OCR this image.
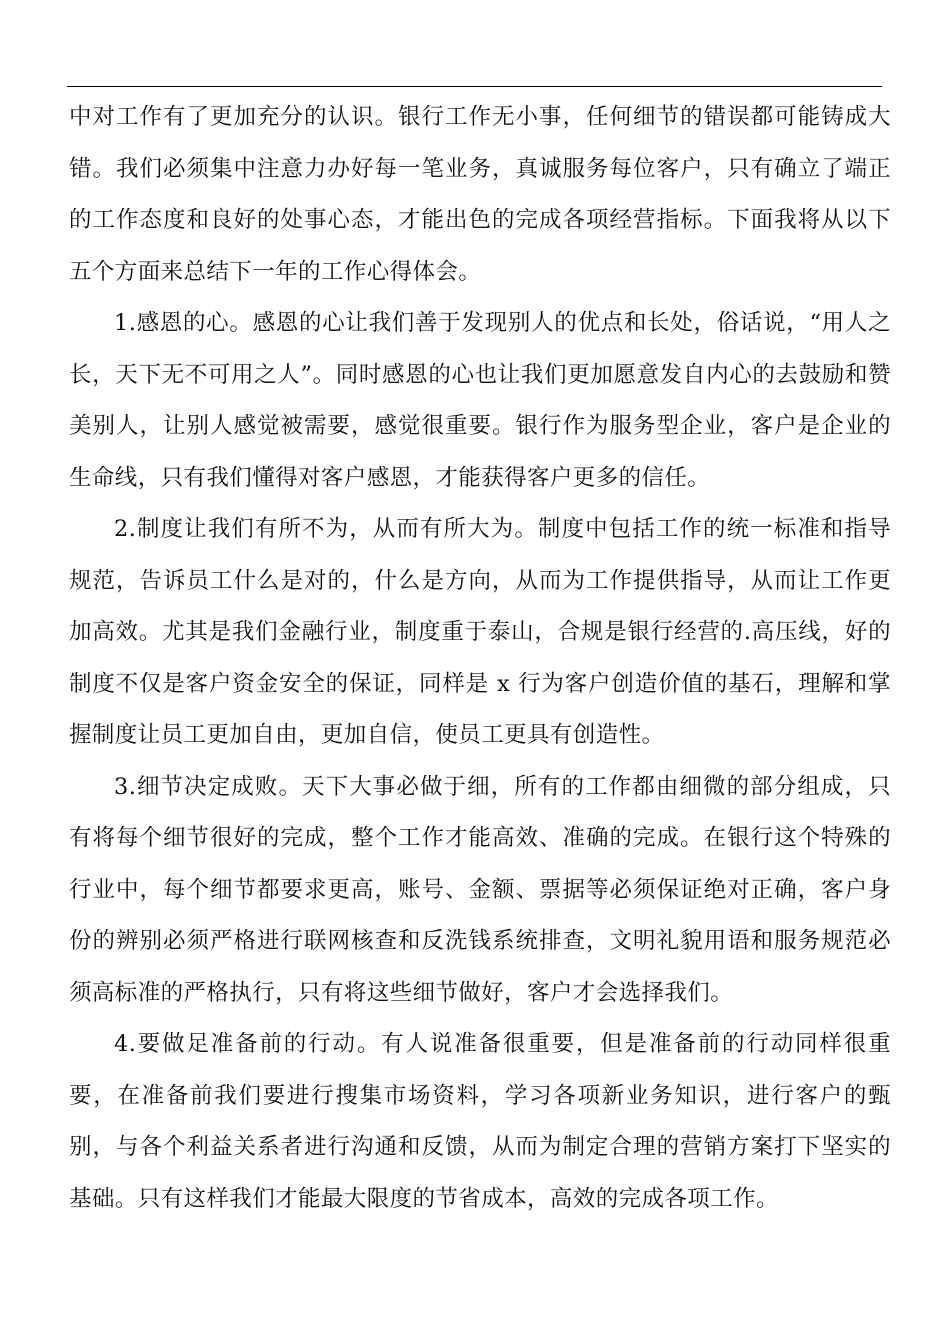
中对工作有了更加充分的认识。银行工作无小事，任何细节的错误都可能铸成大错。我们必须集中注意力办好每一笔业务，真诚服务每位客户，只有确立了端正的工作态度和良好的处事心态，才能出色的完成各项经营指标。下面我将从以下五个方面来总结下一年的工作心得体会。

1.感恩的心。感恩的心让我们善于发现别人的优点和长处，俗话说，“用人之长，天下无不可用之人”。同时感恩的心也让我们更加愿意发自内心的去鼓励和赞美别人，让别人感觉被需要，感觉很重要。银行作为服务型企业，客户是企业的生命线，只有我们懂得对客户感恩，才能获得客户更多的信任。

2.制度让我们有所不为，从而有所大为。制度中包括工作的统一标准和指导规范，告诉员工什么是对的，什么是方向，从而为工作提供指导，从而让工作更加高效。尤其是我们金融行业，制度重于泰山，合规是银行经营的.高压线，好的制度不仅是客户资金安全的保证，同样是 x 行为客户创造价值的基石，理解和掌握制度让员工更加自由，更加自信，使员工更具有创造性。

3.细节决定成败。天下大事必做于细，所有的工作都由细微的部分组成，只有将每个细节很好的完成，整个工作才能高效、准确的完成。在银行这个特殊的行业中，每个细节都要求更高，账号、金额、票据等必须保证绝对正确，客户身份的辨别必须严格进行联网核查和反洗钱系统排查，文明礼貌用语和服务规范必须高标准的严格执行，只有将这些细节做好，客户才会选择我们。

4.要做足准备前的行动。有人说准备很重要，但是准备前的行动同样很重要，在准备前我们要进行搜集市场资料，学习各项新业务知识，进行客户的甄别，与各个利益关系者进行沟通和反馈，从而为制定合理的营销方案打下坚实的基础。只有这样我们才能最大限度的节省成本，高效的完成各项工作。
